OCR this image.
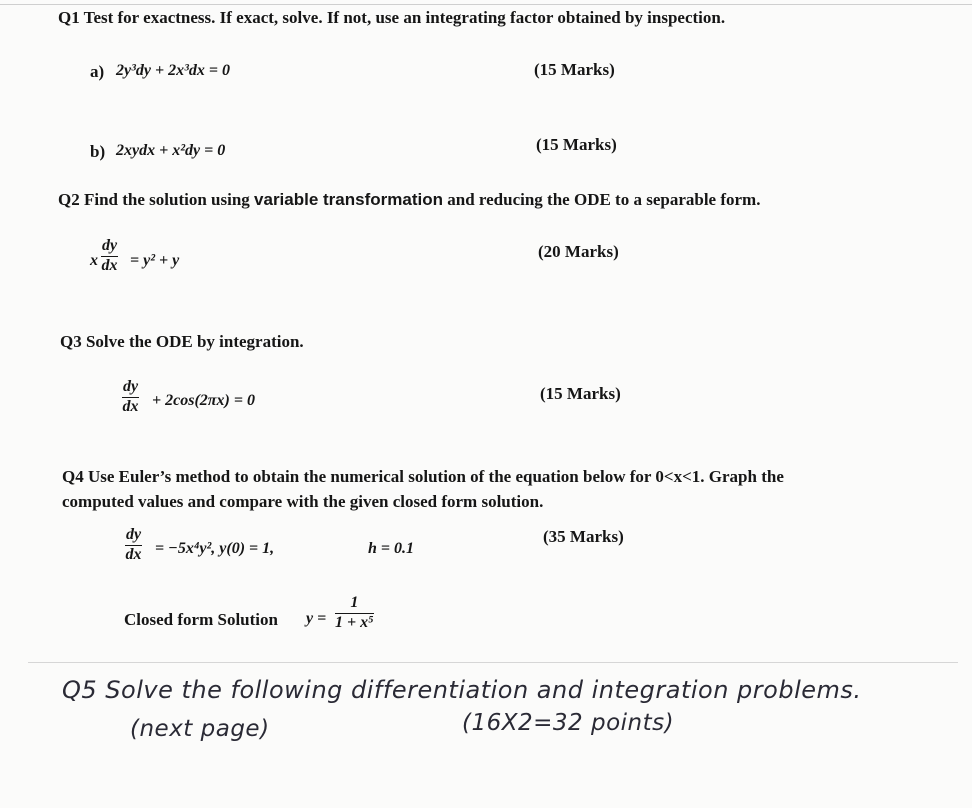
Q1 Test for exactness. If exact, solve. If not, use an integrating factor obtained by inspection.
a) 2y³dy + 2x³dx = 0	(15 Marks)
b) 2xydx + x²dy = 0	(15 Marks)
Q2 Find the solution using variable transformation and reducing the ODE to a separable form.
x $\frac{dy}{dx} = y^2 + y$	(20 Marks)
Q3 Solve the ODE by integration.
$\frac{dy}{dx} + 2\cos(2\pi x) = 0$	(15 Marks)
Q4 Use Euler’s method to obtain the numerical solution of the equation below for 0<x<1. Graph the
computed values and compare with the given closed form solution.
$\frac{dy}{dx} = -5x^4y^2$, y(0) = 1,	h = 0.1
(35 Marks)
Closed form Solution $y = \frac{1}{\text{1 + x⁵}}$
Q5 Solve the following differentiation and integration problems.
(next page)	(16X2=32 points)
